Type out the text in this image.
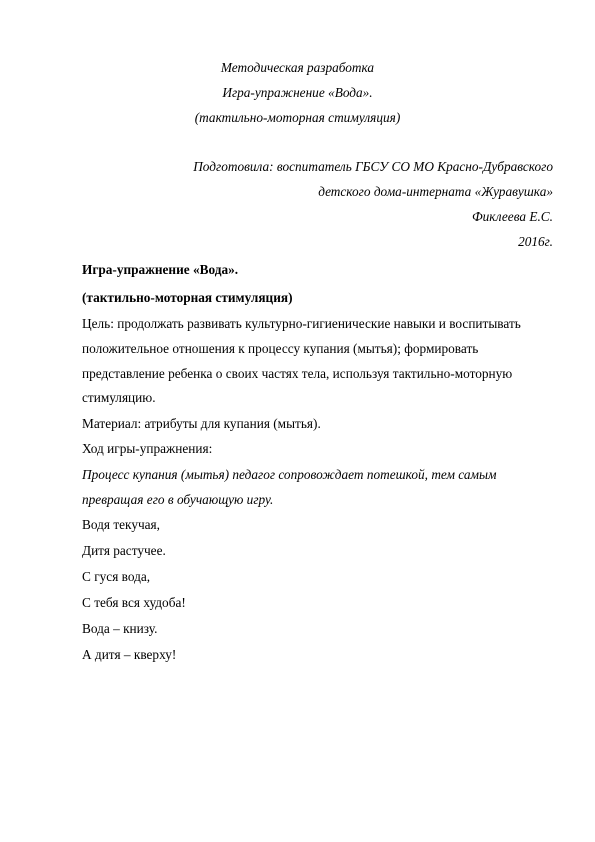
Методическая разработка
Игра-упражнение «Вода».
(тактильно-моторная стимуляция)
Подготовила: воспитатель ГБСУ СО МО Красно-Дубравского
детского дома-интерната «Журавушка»
Фиклеева Е.С.
2016г.
Игра-упражнение «Вода».
(тактильно-моторная стимуляция)
Цель: продолжать развивать культурно-гигиенические навыки и воспитывать
положительное отношения к процессу купания (мытья); формировать
представление ребенка о своих частях тела, используя тактильно-моторную
стимуляцию.
Материал: атрибуты для купания (мытья).
Ход игры-упражнения:
Процесс купания (мытья) педагог сопровождает потешкой, тем самым
превращая его в обучающую игру.
Водя текучая,
Дитя растучее.
С гуся вода,
С тебя вся худоба!
Вода – книзу.
А дитя – кверху!
